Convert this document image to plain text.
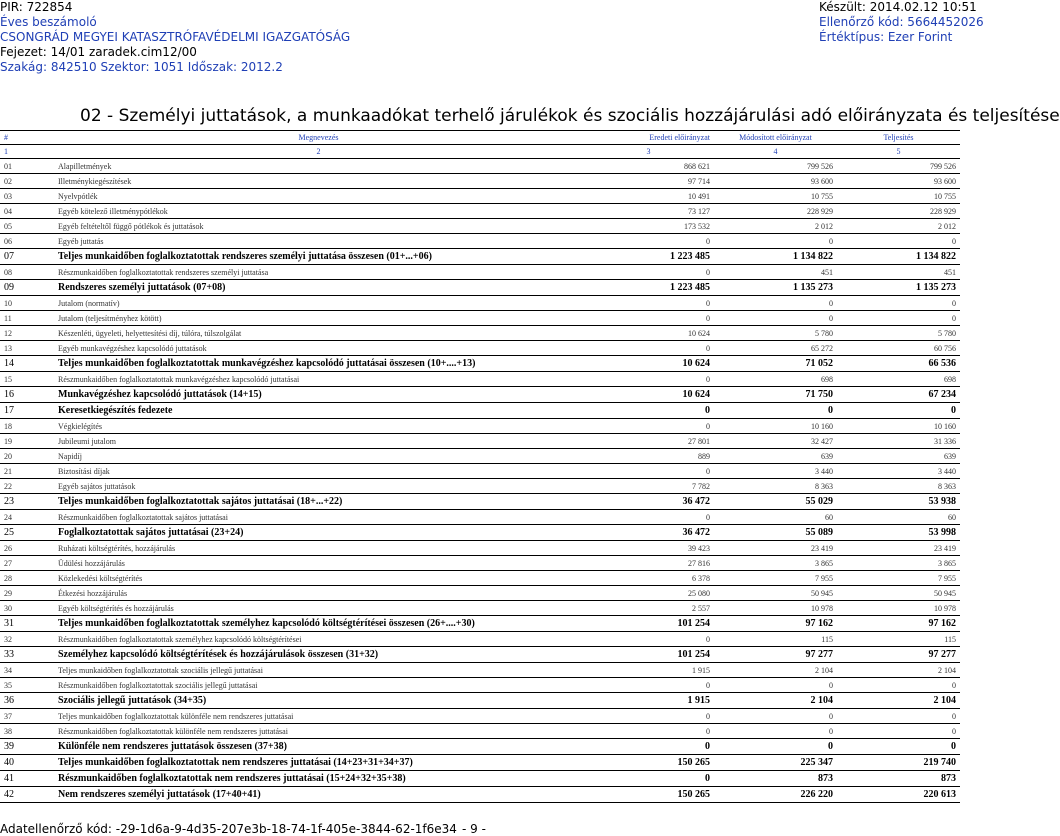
PIR: 722854
Éves beszámoló
CSONGRÁD MEGYEI KATASZTRÓFAVÉDELMI IGAZGATÓSÁG
Fejezet: 14/01 zaradek.cim12/00
Szakág: 842510 Szektor: 1051 Időszak: 2012.2
Készült: 2014.02.12 10:51
Ellenőrző kód: 5664452026
Értéktípus: Ezer Forint
02 - Személyi juttatások, a munkaadókat terhelő járulékok és szociális hozzájárulási adó előirányzata és teljesítése
#	Megnevezés	Eredeti előirányzat	Módosított előirányzat	Teljesítés
1	2	3	4	5
01	Alapilletmények	868 621	799 526	799 526
02	Illetménykiegészítések	97 714	93 600	93 600
03	Nyelvpótlék	10 491	10 755	10 755
04	Egyéb kötelező illetménypótlékok	73 127	228 929	228 929
05	Egyéb feltételtől függő pótlékok és juttatások	173 532	2 012	2 012
06	Egyéb juttatás	0	0	0
07	Teljes munkaidőben foglalkoztatottak rendszeres személyi juttatása összesen (01+...+06)	1 223 485	1 134 822	1 134 822
08	Részmunkaidőben foglalkoztatottak rendszeres személyi juttatása	0	451	451
09	Rendszeres személyi juttatások (07+08)	1 223 485	1 135 273	1 135 273
10	Jutalom (normatív)	0	0	0
11	Jutalom (teljesítményhez kötött)	0	0	0
12	Készenléti, ügyeleti, helyettesítési díj, túlóra, túlszolgálat	10 624	5 780	5 780
13	Egyéb munkavégzéshez kapcsolódó juttatások	0	65 272	60 756
14	Teljes munkaidőben foglalkoztatottak munkavégzéshez kapcsolódó juttatásai összesen (10+....+13)	10 624	71 052	66 536
15	Részmunkaidőben foglalkoztatottak munkavégzéshez kapcsolódó juttatásai	0	698	698
16	Munkavégzéshez kapcsolódó juttatások (14+15)	10 624	71 750	67 234
17	Keresetkiegészítés fedezete	0	0	0
18	Végkielégítés	0	10 160	10 160
19	Jubileumi jutalom	27 801	32 427	31 336
20	Napidíj	889	639	639
21	Biztosítási díjak	0	3 440	3 440
22	Egyéb sajátos juttatások	7 782	8 363	8 363
23	Teljes munkaidőben foglalkoztatottak sajátos juttatásai (18+...+22)	36 472	55 029	53 938
24	Részmunkaidőben foglalkoztatottak sajátos juttatásai	0	60	60
25	Foglalkoztatottak sajátos juttatásai (23+24)	36 472	55 089	53 998
26	Ruházati költségtérítés, hozzájárulás	39 423	23 419	23 419
27	Üdülési hozzájárulás	27 816	3 865	3 865
28	Közlekedési költségtérítés	6 378	7 955	7 955
29	Étkezési hozzájárulás	25 080	50 945	50 945
30	Egyéb költségtérítés és hozzájárulás	2 557	10 978	10 978
31	Teljes munkaidőben foglalkoztatottak személyhez kapcsolódó költségtérítései összesen (26+....+30)	101 254	97 162	97 162
32	Részmunkaidőben foglalkoztatottak személyhez kapcsolódó költségtérítései	0	115	115
33	Személyhez kapcsolódó költségtérítések és hozzájárulások összesen (31+32)	101 254	97 277	97 277
34	Teljes munkaidőben foglalkoztatottak szociális jellegű juttatásai	1 915	2 104	2 104
35	Részmunkaidőben foglalkoztatottak szociális jellegű juttatásai	0	0	0
36	Szociális jellegű juttatások (34+35)	1 915	2 104	2 104
37	Teljes munkaidőben foglalkoztatottak különféle nem rendszeres juttatásai	0	0	0
38	Részmunkaidőben foglalkoztatottak különféle nem rendszeres juttatásai	0	0	0
39	Különféle nem rendszeres juttatások összesen (37+38)	0	0	0
40	Teljes munkaidőben foglalkoztatottak nem rendszeres juttatásai (14+23+31+34+37)	150 265	225 347	219 740
41	Részmunkaidőben foglalkoztatottak nem rendszeres juttatásai (15+24+32+35+38)	0	873	873
42	Nem rendszeres személyi juttatások (17+40+41)	150 265	226 220	220 613
Adatellenőrző kód: -29-1d6a-9-4d35-207e3b-18-74-1f-405e-3844-62-1f6e34 - 9 -
